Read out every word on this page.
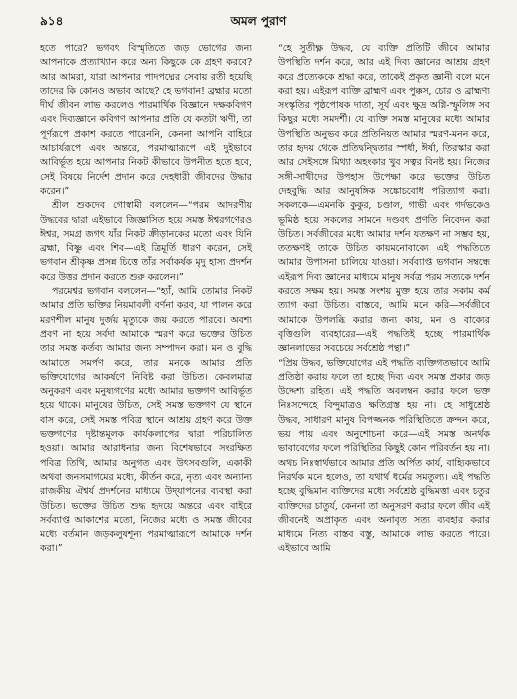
৯১৪	অমল পুরাণ

হতে পারে? ভগবৎ বিস্মৃতিতে জড় ভোগের জন্য আপনাকে প্রত্যাখ্যান করে অন্য কিছুকে কে গ্রহণ করবে? আর আমরা, যারা আপনার পাদপদ্মের সেবায় রতী হয়েছি তাদের কি কোনও অভাব আছে? হে ভগবান! ব্রহ্মার মতো দীর্ঘ জীবন লাভ করলেও পারমার্থিক বিজ্ঞানে দক্ষকবিগণ এবং দিব্যজ্ঞানে কবিগণ আপনার প্রতি যে কতটা ঋণী, তা পূর্ণরূপে প্রকাশ করতে পারেননি, কেননা আপনি বাহিরে আচার্যরূপে এবং অন্তরে, পরমাত্মারূপে এই দুইভাবে আবির্ভূত হয়ে আপনার নিকট কীভাবে উপনীত হতে হবে, সেই বিষয়ে নির্দেশ প্রদান করে দেহধারী জীবদের উদ্ধার করেন।”

শ্রীল শুকদেব গোস্বামী বললেন—“পরম আদরণীয় উদ্ধবের দ্বারা এইভাবে জিজ্ঞাসিত হয়ে সমস্ত ঈশ্বরগণেরও ঈশ্বর, সমগ্র জগৎ যাঁর নিকট ক্রীড়ানকের মতো এবং যিনি ব্রহ্মা, বিষ্ণু এবং শিব—এই ত্রিমূর্তি ধারণ করেন, সেই ভগবান শ্রীকৃষ্ণ প্রসন্ন চিত্তে তাঁর সর্বাকর্ষক মৃদু হাস্য প্রদর্শন করে উত্তর প্রদান করতে শুরু করলেন।”

পরমেশ্বর ভগবান বললেন—“হ্যাঁ, আমি তোমার নিকট আমার প্রতি ভক্তির নিয়মাবলী বর্ণনা করব, যা পালন করে মরণশীল মানুষ দুর্জয় মৃত্যুকে জয় করতে পারবে। অবশ্য প্রবণ না হয়ে সর্বদা আমাকে স্মরণ করে ভক্তের উচিত তার সমস্ত কর্তব্য আমার জন্য সম্পাদন করা। মন ও বুদ্ধি আমাতে সমর্পণ করে, তার মনকে আমার প্রতি ভক্তিযোগের আকর্ষণে নিবিষ্ট করা উচিত। কেবলমাত্র অনুকরণ এবং মনুষ্যগণের মধ্যে আমার ভক্তগণ আবির্ভূত হয়ে থাকে। মানুষের উচিত, সেই সমস্ত ভক্তগণ যে স্থানে বাস করে, সেই সমস্ত পবিত্র স্থানে আশ্রয় গ্রহণ করে উক্ত ভক্তগণের দৃষ্টান্তমূলক কার্যকলাপের দ্বারা পরিচালিত হওয়া। আমার আরাধনার জন্য বিশেষভাবে সংরক্ষিত পবিত্র তিথি, আমার অনুগত এবং উৎসবগুলি, একাকী অথবা জনসমাগমের মধ্যে, কীর্তন করে, নৃত্য এবং অন্যান্য রাজকীয় ঐশ্বর্য প্রদর্শনের মাধ্যমে উদ্‌যাপনের ব্যবস্থা করা উচিত। ভক্তের উচিত শুদ্ধ হৃদয়ে অন্তরে এবং বাইরে সর্বব্যাপ্ত আকাশের মতো, নিজের মধ্যে ও সমস্ত জীবের মধ্যে বর্তমান জড়কলুষশূন্য পরমাত্মারূপে আমাকে দর্শন করা।”

“হে সুতীক্ষ্ণ উদ্ধব, যে ব্যক্তি প্রতিটি জীবে আমার উপস্থিতি দর্শন করে, আর এই দিব্য জ্ঞানের আশ্রয় গ্রহণ করে প্রত্যেককে শ্রদ্ধা করে, তাকেই প্রকৃত জ্ঞানী বলে মনে করা হয়। এইরূপ ব্যক্তি ব্রাহ্মণ এবং পুক্কস, চোর ও ব্রাহ্মণ্য সংস্কৃতির পৃষ্ঠপোষক দাতা, সূর্য এবং ক্ষুদ্র অগ্নি-স্ফুলিঙ্গ সব কিছুর মধ্যে সমদর্শী। যে ব্যক্তি সমস্ত মানুষের মধ্যে আমার উপস্থিতি অনুভব করে প্রতিনিয়ত আমার স্মরণ-মনন করে, তার হৃদয় থেকে প্রতিদ্বন্দ্বিতার স্পর্ধা, ঈর্ষা, তিরস্কার করা আর সেইসঙ্গে মিথ্যা অহংকার খুব সত্বর বিনষ্ট হয়। নিজের সঙ্গী-সাথীদের উপহাস উপেক্ষা করে ভক্তের উচিত দেহবুদ্ধি আর আনুষঙ্গিক সঙ্কোচবোধ পরিত্যাগ করা। সকলকে—এমনকি কুকুর, চণ্ডাল, গাভী এবং গর্দভকেও ভূমিষ্ঠ হয়ে সকলের সামনে দণ্ডবৎ প্রণতি নিবেদন করা উচিত। সর্বজীবের মধ্যে আমার দর্শন যতক্ষণ না সম্ভব হয়, ততক্ষণই তাকে উচিত কায়মনোবাক্যে এই পদ্ধতিতে আমার উপাসনা চালিয়ে যাওয়া। সর্বব্যাপ্ত ভগবান সম্বন্ধে এইরূপ দিব্য জ্ঞানের মাধ্যমে মানুষ সর্বত্র পরম সত্যকে দর্শন করতে সক্ষম হয়। সমস্ত সংশয় মুক্ত হয়ে তার সকাম কর্ম ত্যাগ করা উচিত। বাস্তবে, আমি মনে করি—সর্বজীবে আমাকে উপলব্ধি করার জন্য কায়, মন ও বাক্যের বৃত্তিগুলি ব্যবহারের—এই পদ্ধতিই হচ্ছে পারমার্থিক জ্ঞানলাভের সবচেয়ে সর্বশ্রেষ্ঠ পন্থা।”

“প্রিয় উদ্ধব, ভক্তিযোগের এই পদ্ধতি ব্যক্তিগতভাবে আমি প্রতিষ্ঠা করায় ফলে তা হচ্ছে দিব্য এবং সমস্ত প্রকার জড় উদ্দেশ্য রহিত। এই পদ্ধতি অবলম্বন করার ফলে ভক্ত নিঃসন্দেহে বিন্দুমাত্রও ক্ষতিগ্রস্ত হয় না। হে সাধুশ্রেষ্ঠ উদ্ধব, সাধারণ মানুষ বিপজ্জনক পরিস্থিতিতে ক্রন্দন করে, ভয় পায় এবং অনুশোচনা করে—এই সমস্ত অনর্থক ভাবাবেগের ফলে পরিস্থিতির কিছুই কোন পরিবর্তন হয় না। অথচ নিঃস্বার্থভাবে আমার প্রতি অর্পিত কার্য, বাহ্যিকভাবে নিরর্থক মনে হলেও, তা যথার্থ ধর্মের সমতুল্য। এই পদ্ধতি হচ্ছে বুদ্ধিমান ব্যক্তিদের মধ্যে সর্বশ্রেষ্ঠ বুদ্ধিমত্তা এবং চতুর ব্যক্তিদের চাতুর্য, কেননা তা অনুসরণ করার ফলে জীব এই জীবনেই অপ্রাকৃত এবং অনাবৃত সত্য ব্যবহার করার মাধ্যমে নিত্য বাস্তব বস্তু, আমাকে লাভ করতে পারে। এইভাবে আমি
